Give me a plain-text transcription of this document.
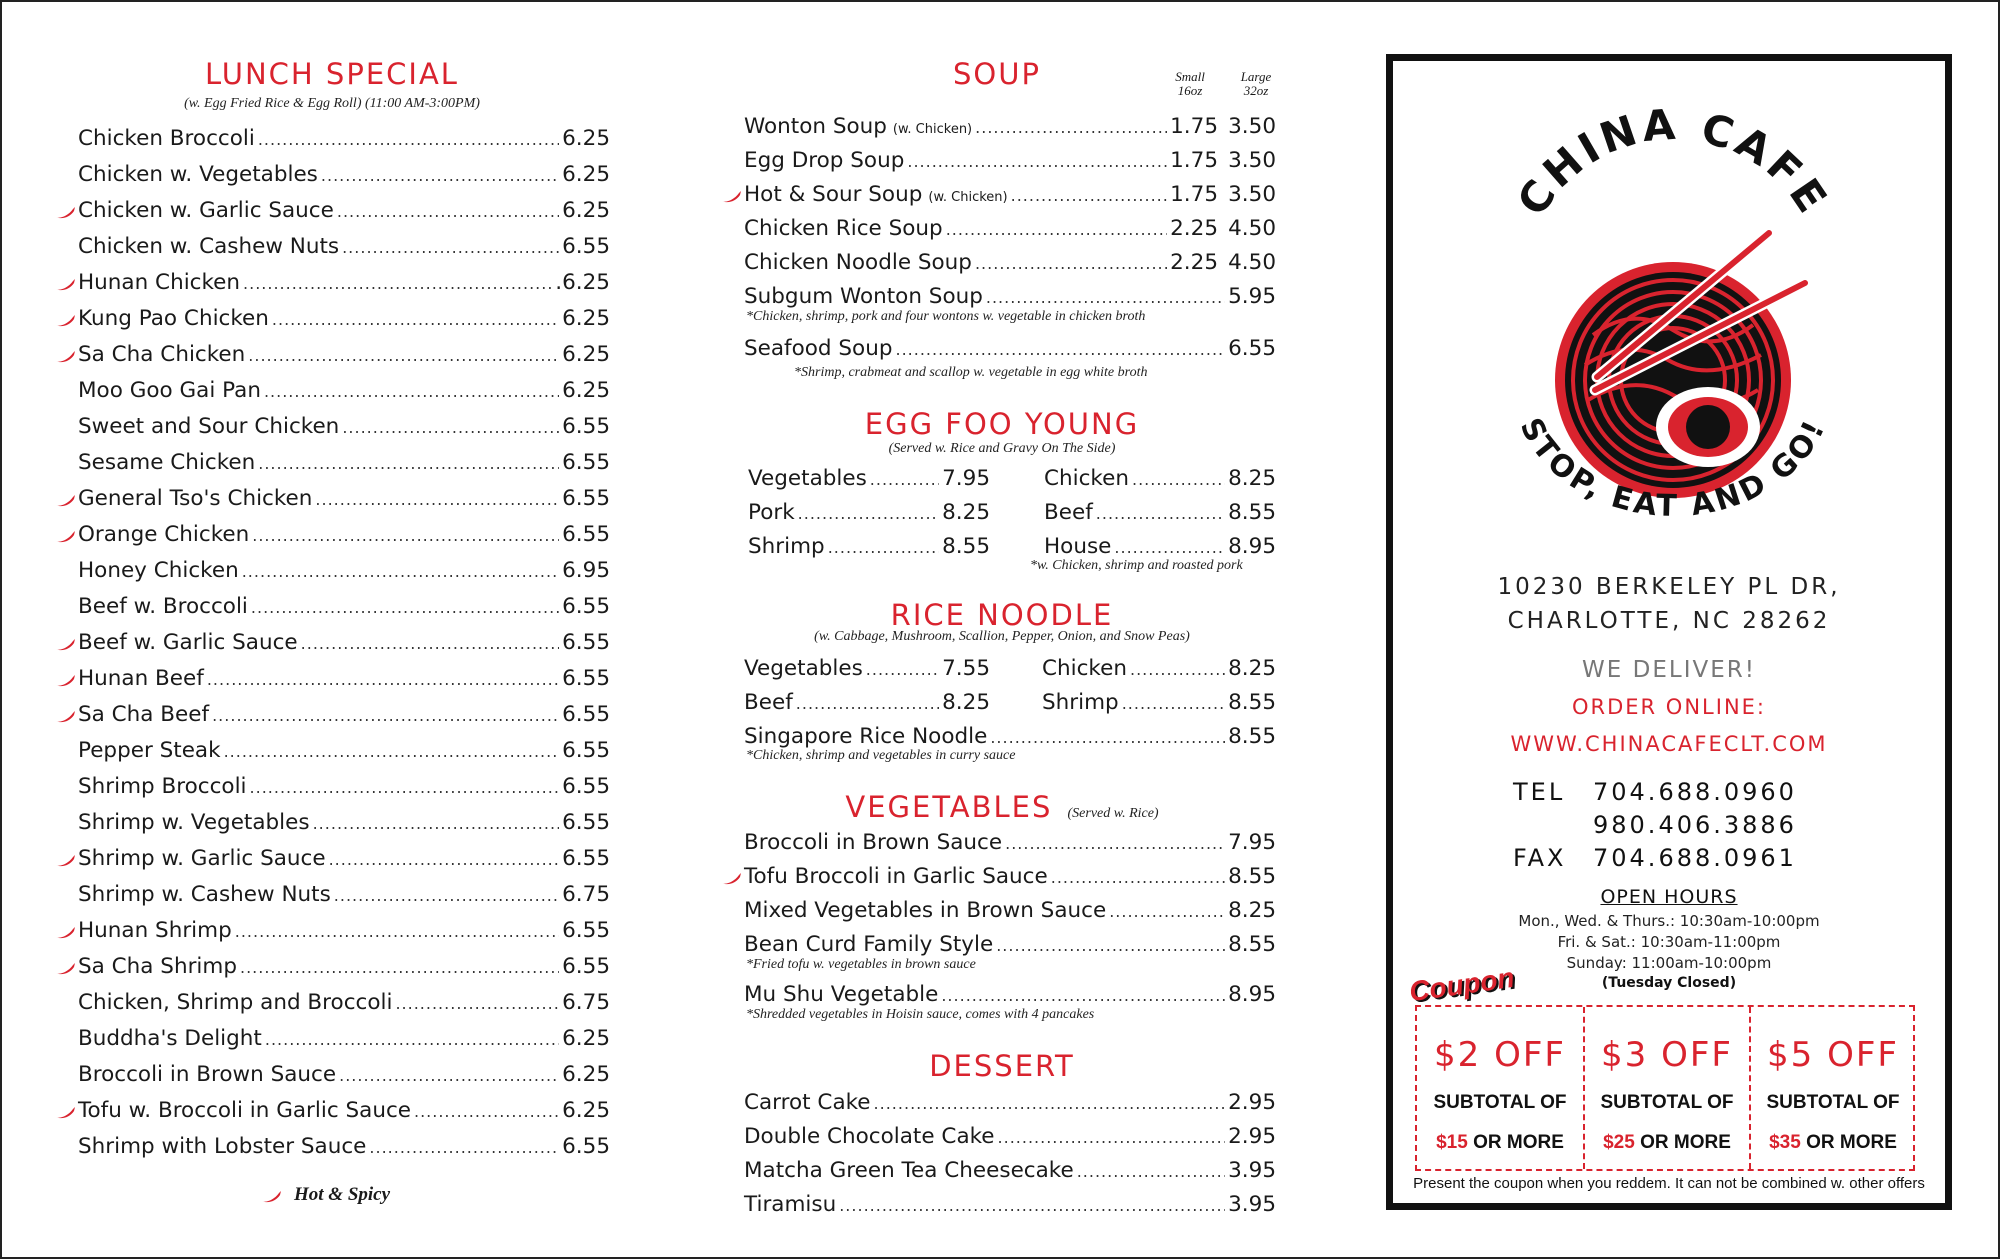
LUNCH SPECIAL
(w. Egg Fried Rice & Egg Roll) (11:00 AM-3:00PM)
Chicken Broccoli .....	6.25
Chicken w. Vegetables .....	6.25
Chicken w. Garlic Sauce .....	6.25
Chicken w. Cashew Nuts .....	6.55
Hunan Chicken .....	.6.25
Kung Pao Chicken .....	6.25
Sa Cha Chicken .....	6.25
Moo Goo Gai Pan .....	6.25
Sweet and Sour Chicken .....	6.55
Sesame Chicken .....	6.55
General Tso's Chicken .....	6.55
Orange Chicken .....	6.55
Honey Chicken .....	6.95
Beef w. Broccoli .....	6.55
Beef w. Garlic Sauce .....	6.55
Hunan Beef .....	6.55
Sa Cha Beef .....	6.55
Pepper Steak .....	6.55
Shrimp Broccoli .....	6.55
Shrimp w. Vegetables .....	6.55
Shrimp w. Garlic Sauce .....	6.55
Shrimp w. Cashew Nuts .....	6.75
Hunan Shrimp .....	6.55
Sa Cha Shrimp .....	6.55
Chicken, Shrimp and Broccoli .....	6.75
Buddha's Delight .....	6.25
Broccoli in Brown Sauce .....	6.25
Tofu w. Broccoli in Garlic Sauce .....	6.25
Shrimp with Lobster Sauce .....	6.55
Hot & Spicy
SOUP	Small
16oz
Large
32oz
Wonton Soup (w. Chicken) .....	1.75 3.50
Egg Drop Soup .....	1.75 3.50
Hot & Sour Soup (w. Chicken) .....	1.75 3.50
Chicken Rice Soup .....	2.25 4.50
Chicken Noodle Soup .....	2.25 4.50
Subgum Wonton Soup .....	5.95
*Chicken, shrimp, pork and four wontons w. vegetable in chicken broth
Seafood Soup .....	6.55
*Shrimp, crabmeat and scallop w. vegetable in egg white broth
EGG FOO YOUNG
(Served w. Rice and Gravy On The Side)
Vegetables .....	7.95
Pork .....	8.25
Shrimp .....	8.55
Chicken .....	8.25
Beef .....	8.55
House .....	8.95
*w. Chicken, shrimp and roasted pork
RICE NOODLE
(w. Cabbage, Mushroom, Scallion, Pepper, Onion, and Snow Peas)
Vegetables .....	7.55
Beef .....	8.25
Chicken .....	8.25
Shrimp .....	8.55
Singapore Rice Noodle .....	8.55
*Chicken, shrimp and vegetables in curry sauce
VEGETABLES (Served w. Rice)
Broccoli in Brown Sauce .....	7.95
Tofu Broccoli in Garlic Sauce .....	8.55
Mixed Vegetables in Brown Sauce .....	8.25
Bean Curd Family Style .....	8.55
*Fried tofu w. vegetables in brown sauce
Mu Shu Vegetable .....	8.95
*Shredded vegetables in Hoisin sauce, comes with 4 pancakes
DESSERT
Carrot Cake .....	2.95
Double Chocolate Cake .....	2.95
Matcha Green Tea Cheesecake .....	3.95
Tiramisu .....	3.95
CHINA CAFE
STOP, EAT AND GO!
10230 BERKELEY PL DR,
CHARLOTTE, NC 28262
WE DELIVER!
ORDER ONLINE:
WWW.CHINACAFECLT.COM
TEL 704.688.0960
980.406.3886
FAX 704.688.0961
OPEN HOURS
Mon., Wed. & Thurs.: 10:30am-10:00pm
Fri. & Sat.: 10:30am-11:00pm
Sunday: 11:00am-10:00pm
(Tuesday Closed)
Coupon
$2 OFF
SUBTOTAL OF
$15 OR MORE
$3 OFF
SUBTOTAL OF
$25 OR MORE
$5 OFF
SUBTOTAL OF
$35 OR MORE
Present the coupon when you reddem. It can not be combined w. other offers
